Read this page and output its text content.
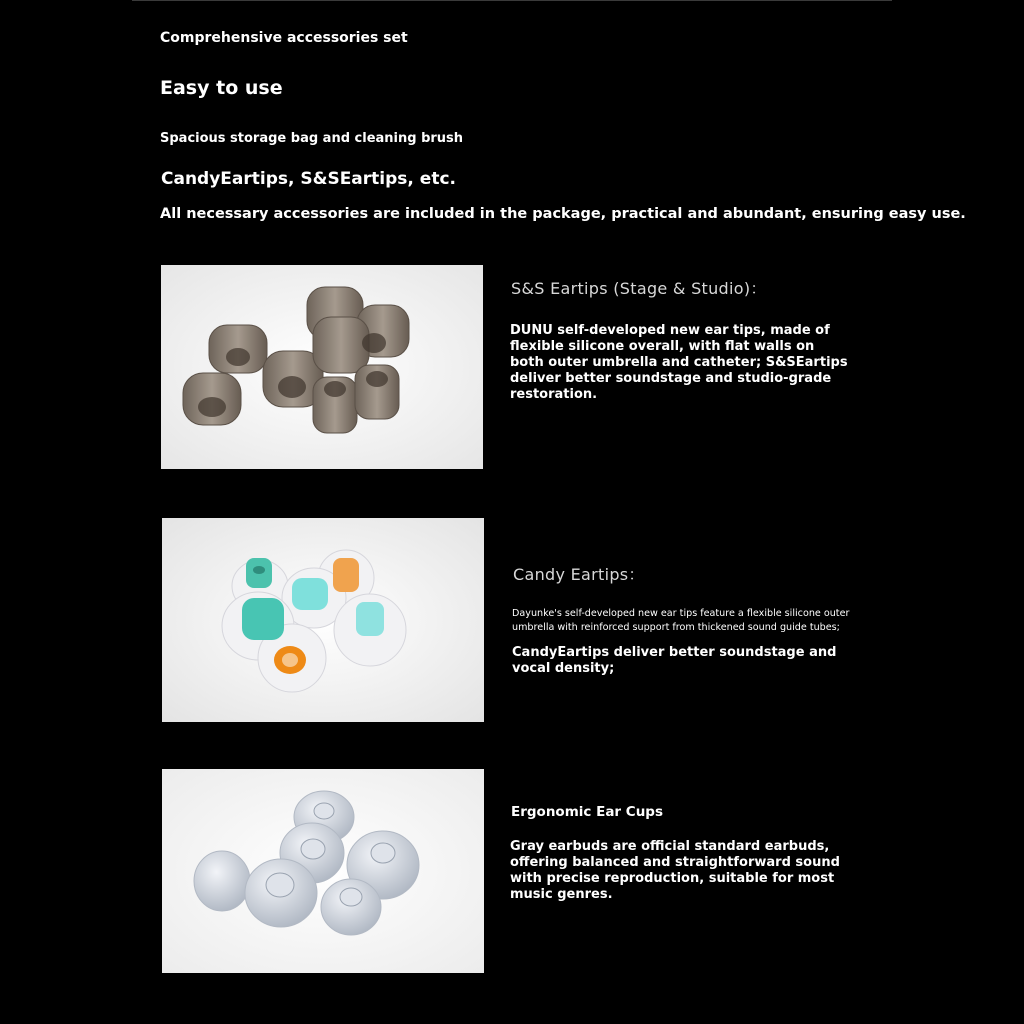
Comprehensive accessories set
Easy to use
Spacious storage bag and cleaning brush
CandyEartips, S&SEartips, etc.
All necessary accessories are included in the package, practical and abundant, ensuring easy use.
S&S Eartips (Stage & Studio)：
DUNU self-developed new ear tips, made of flexible silicone overall, with flat walls on both outer umbrella and catheter; S&SEartips deliver better soundstage and studio-grade restoration.
Candy Eartips：
Dayunke's self-developed new ear tips feature a flexible silicone outer umbrella with reinforced support from thickened sound guide tubes;
CandyEartips deliver better soundstage and vocal density;
Ergonomic Ear Cups
Gray earbuds are official standard earbuds, offering balanced and straightforward sound with precise reproduction, suitable for most music genres.
